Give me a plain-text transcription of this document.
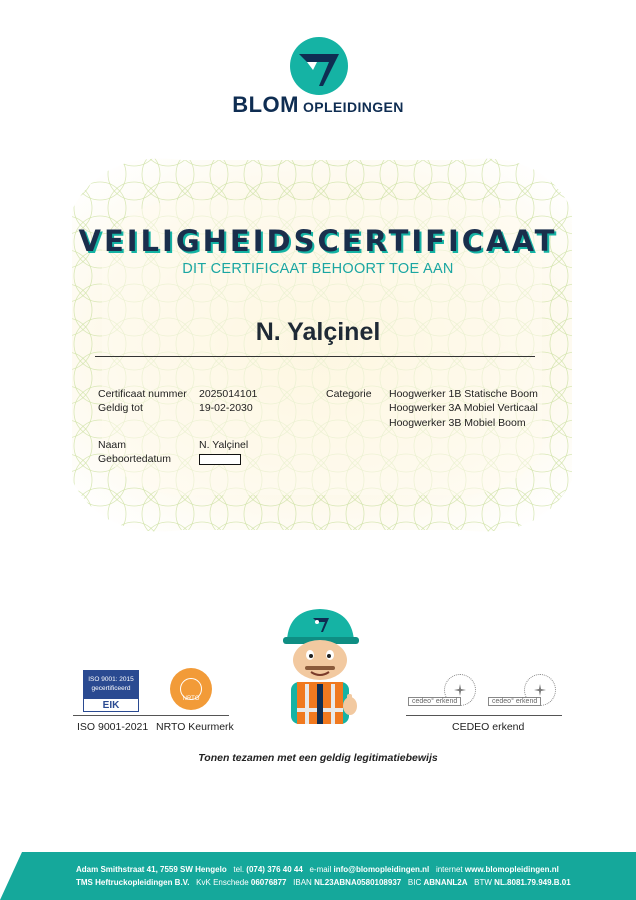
BLOM OPLEIDINGEN
VEILIGHEIDSCERTIFICAAT
DIT CERTIFICAAT BEHOORT TOE AAN
N. Yalçinel
Certificaat nummer 2025014101
Geldig tot	19-02-2030
Naam	N. Yalçinel
Geboortedatum
Categorie Hoogwerker 1B Statische Boom
Hoogwerker 3A Mobiel Verticaal
Hoogwerker 3B Mobiel Boom
ISO 9001: 2015
gecertificeerd
EIK
NRTO
ISO 9001-2021 NRTO Keurmerk
cedeo° erkend	cedeo° erkend
CEDEO erkend
Tonen tezamen met een geldig legitimatiebewijs
Adam Smithstraat 41, 7559 SW Hengelo tel. (074) 376 40 44 e-mail info@blomopleidingen.nl internet www.blomopleidingen.nl
TMS Heftruckopleidingen B.V. KvK Enschede 06076877 IBAN NL23ABNA0580108937 BIC ABNANL2A BTW NL.8081.79.949.B.01
